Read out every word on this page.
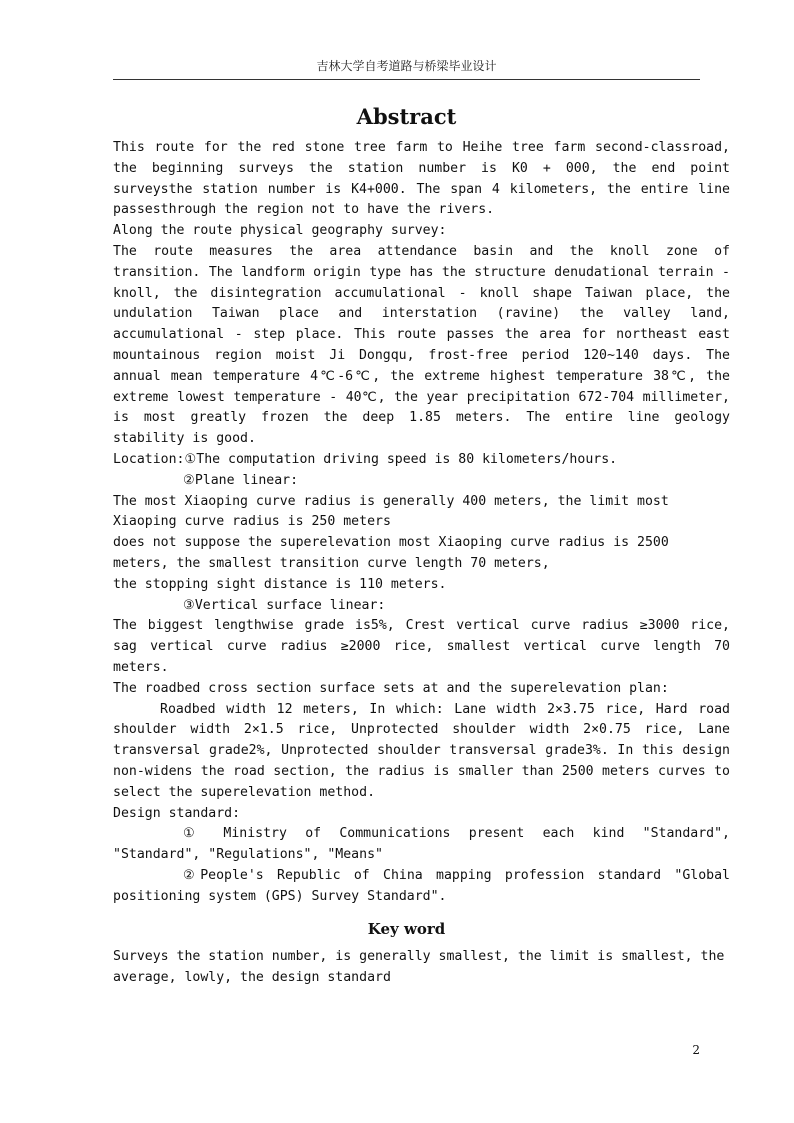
吉林大学自考道路与桥梁毕业设计
Abstract

This route for the red stone tree farm to Heihe tree farm second-classroad, the beginning surveys the station number is K0 + 000, the end point surveysthe station number is K4+000. The span 4 kilometers, the entire line passesthrough the region not to have the rivers.

Along the route physical geography survey:

The route measures the area attendance basin and the knoll zone of transition. The landform origin type has the structure denudational terrain - knoll, the disintegration accumulational - knoll shape Taiwan place, the undulation Taiwan place and interstation (ravine) the valley land, accumulational - step place. This route passes the area for northeast east mountainous region moist Ji Dongqu, frost-free period 120~140 days. The annual mean temperature 4℃-6℃, the extreme highest temperature 38℃, the extreme lowest temperature - 40℃, the year precipitation 672-704 millimeter, is most greatly frozen the deep 1.85 meters. The entire line geology stability is good.

Location:①The computation driving speed is 80 kilometers/hours.

②Plane linear:

The most Xiaoping curve radius is generally 400 meters, the limit most Xiaoping curve radius is 250 meters

does not suppose the superelevation most Xiaoping curve radius is 2500 meters, the smallest transition curve length 70 meters,

the stopping sight distance is 110 meters.

③Vertical surface linear:

The biggest lengthwise grade is5%, Crest vertical curve radius ≥3000 rice, sag vertical curve radius ≥2000 rice, smallest vertical curve length 70 meters.

The roadbed cross section surface sets at and the superelevation plan:

Roadbed width 12 meters, In which: Lane width 2×3.75 rice, Hard road shoulder width 2×1.5 rice, Unprotected shoulder width 2×0.75 rice, Lane transversal grade2%, Unprotected shoulder transversal grade3%. In this design non-widens the road section, the radius is smaller than 2500 meters curves to select the superelevation method.

Design standard:

① Ministry of Communications present each kind "Standard", "Standard", "Regulations", "Means"

②People's Republic of China mapping profession standard "Global positioning system (GPS) Survey Standard".

Key word

Surveys the station number, is generally smallest, the limit is smallest, the average, lowly, the design standard

2
